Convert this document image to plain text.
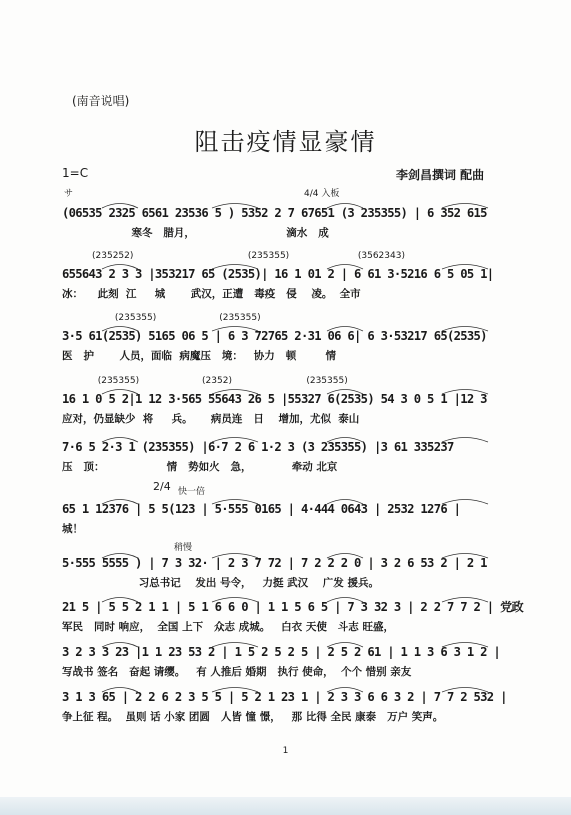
(南音说唱)
阻击疫情显豪情
1=C	李剑昌撰词 配曲
サ	4/4 入板
2/4 快一倍
稍慢
(06535 2325 6561 23536 5 ) 5352 2 7 67651 (3 235355) | 6 352 615
寒冬   腊月，                         滴水   成
(235252)                                        (235355)                        (3562343)
655643 2 3 3 |353217 65 (2535)| 16 1 01 2 | 6 61 3·5216 6 5 05 1|
冰：    此刻  江     城       武汉，正遭   毒疫   侵    凌。  全市
(235355)                      (235355)
3·5 61(2535) 5165 06 5 | 6 3 72765 2·31 06 6| 6 3·53217 65(2535)
医   护       人员，面临  病魔压   境：   协力   顿        情
(235355)                      (2352)                          (235355)
16 1 0 5 2|1 12 3·565 55643 26 5 |55327 6(2535) 54 3 0 5 1 |12 3
应对，仍显缺少  将     兵。     病员连   日    增加，尤似  泰山
7·6 5 2·3 1 (235355) |6·7 2 6 1·2 3 (3 235355) |3 61 335237
压   顶：                 情   势如火   急，           牵动 北京
65 1 12376 | 5 5(123 | 5·555 0165 | 4·444 0643 | 2532 1276 |
城！
5·555 5555 ) | 7 3 32· | 2 3 7 72 | 7 2 2 2 0 | 3 2 6 53 2 | 2 1
习总书记    发出 号令，   力挺 武汉    广发 援兵。
21 5 | 5 5 2 1 1 | 5 1 6 6 0 | 1 1 5 6 5 | 7 3 32 3 | 2 2 7 7 2 | 党政
军民   同时 响应，  全国 上下   众志 成城。   白衣 天使   斗志 旺盛，
3 2 3 3 23 |1 1 23 53 2 | 1 5 2 5 2 5 | 2 5 2 61 | 1 1 3 6 3 1 2 |
写战书 签名   奋起 请缨。   有 人推后 婚期   执行 使命，  个个 惜别 亲友
3 1 3 65 | 2 2 6 2 3 5 5 | 5 2 1 23 1 | 2 3 3 6 6 3 2 | 7 7 2 532 |
争上征 程。  虽则 话 小家 团圆   人皆 憧 憬，   那 比得 全民 康泰   万户 笑声。
1
